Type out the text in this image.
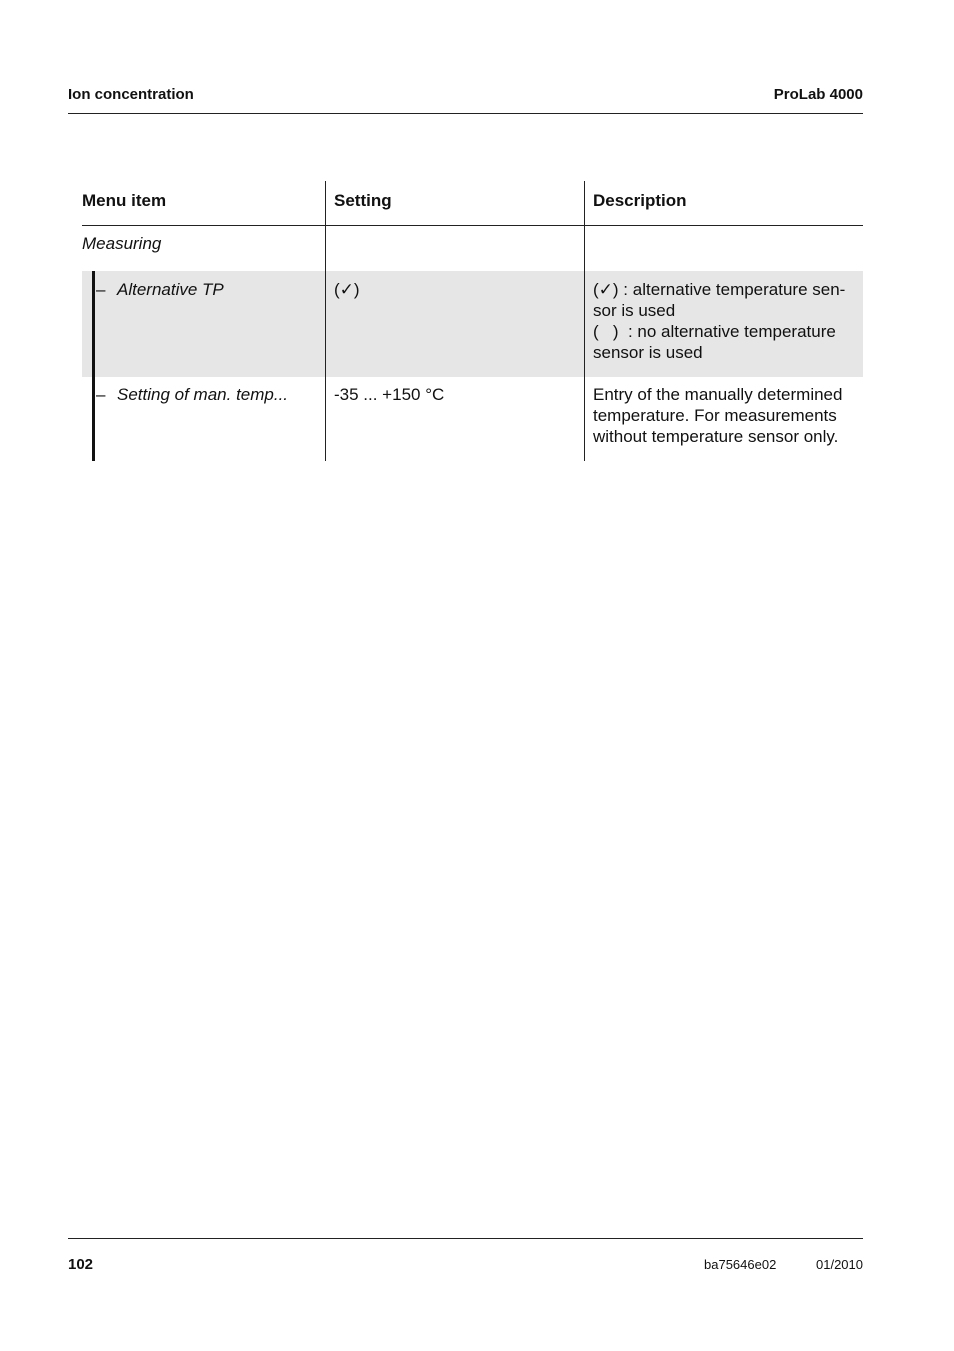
Ion concentration	ProLab 4000
Menu item	Setting	Description
Measuring
– Alternative TP	(✓)	(✓) : alternative temperature sen-
sor is used
(   )  : no alternative temperature
sensor is used
– Setting of man. temp...	-35 ... +150 °C	Entry of the manually determined
temperature. For measurements
without temperature sensor only.
102	ba75646e02	01/2010
